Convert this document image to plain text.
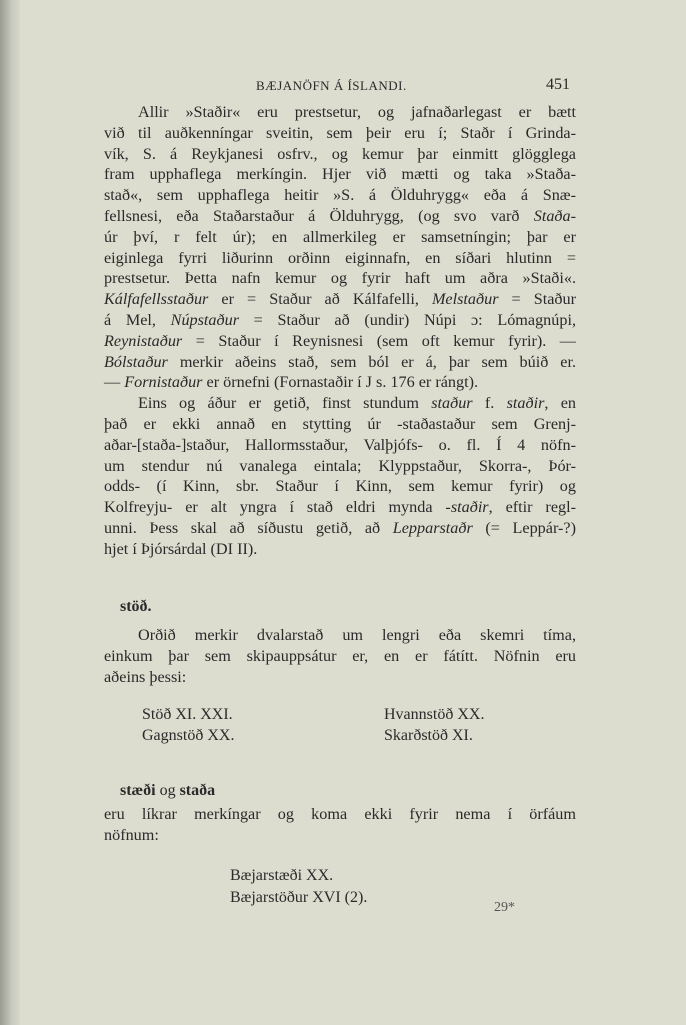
BÆJANÖFN Á ÍSLANDI.	451

Allir »Staðir« eru prestsetur, og jafnaðarlegast er bætt
við til auðkenníngar sveitin, sem þeir eru í; Staðr í Grinda-
vík, S. á Reykjanesi osfrv., og kemur þar einmitt glögglega
fram upphaflega merkíngin. Hjer við mætti og taka »Staða-
stað«, sem upphaflega heitir »S. á Ölduhrygg« eða á Snæ-
fellsnesi, eða Staðarstaður á Ölduhrygg, (og svo varð Staða-
úr því, r felt úr); en allmerkileg er samsetníngin; þar er
eiginlega fyrri liðurinn orðinn eiginnafn, en síðari hlutinn =
prestsetur. Þetta nafn kemur og fyrir haft um aðra »Staði«.
Kálfafellsstaður er = Staður að Kálfafelli, Melstaður = Staður
á Mel, Núpstaður = Staður að (undir) Núpi ɔ: Lómagnúpi,
Reynistaður = Staður í Reynisnesi (sem oft kemur fyrir). —
Bólstaður merkir aðeins stað, sem ból er á, þar sem búið er.
— Fornistaður er örnefni (Fornastaðir í J s. 176 er rángt).

Eins og áður er getið, finst stundum staður f. staðir, en
það er ekki annað en stytting úr -staðastaður sem Grenj-
aðar-[staða-]staður, Hallormsstaður, Valþjófs- o. fl. Í 4 nöfn-
um stendur nú vanalega eintala; Klyppstaður, Skorra-, Þór-
odds- (í Kinn, sbr. Staður í Kinn, sem kemur fyrir) og
Kolfreyju- er alt yngra í stað eldri mynda -staðir, eftir regl-
unni. Þess skal að síðustu getið, að Lepparstaðr (= Leppár-?)
hjet í Þjórsárdal (DI II).

stöð.
Orðið merkir dvalarstað um lengri eða skemri tíma,
einkum þar sem skipauppsátur er, en er fátítt. Nöfnin eru
aðeins þessi:
Stöð XI. XXI.
Gagnstöð XX.
Hvannstöð XX.
Skarðstöð XI.
stæði og staða
eru líkrar merkíngar og koma ekki fyrir nema í örfáum
nöfnum:
Bæjarstæði XX.
Bæjarstöður XVI (2).
29*
